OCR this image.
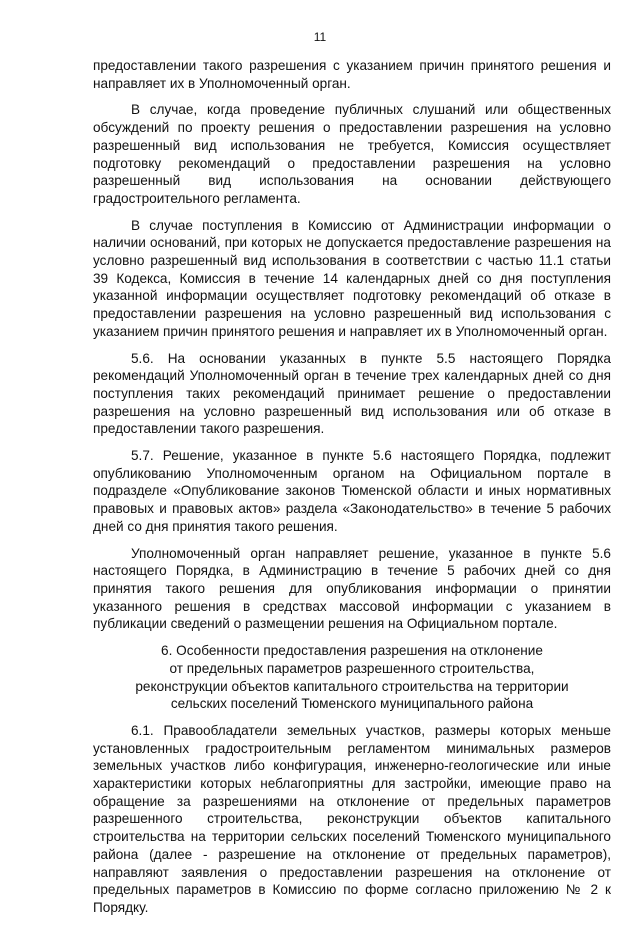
11

предоставлении такого разрешения с указанием причин принятого решения и направляет их в Уполномоченный орган.

В случае, когда проведение публичных слушаний или общественных обсуждений по проекту решения о предоставлении разрешения на условно разрешенный вид использования не требуется, Комиссия осуществляет подготовку рекомендаций о предоставлении разрешения на условно разрешенный вид использования на основании действующего градостроительного регламента.

В случае поступления в Комиссию от Администрации информации о наличии оснований, при которых не допускается предоставление разрешения на условно разрешенный вид использования в соответствии с частью 11.1 статьи 39 Кодекса, Комиссия в течение 14 календарных дней со дня поступления указанной информации осуществляет подготовку рекомендаций об отказе в предоставлении разрешения на условно разрешенный вид использования с указанием причин принятого решения и направляет их в Уполномоченный орган.

5.6. На основании указанных в пункте 5.5 настоящего Порядка рекомендаций Уполномоченный орган в течение трех календарных дней со дня поступления таких рекомендаций принимает решение о предоставлении разрешения на условно разрешенный вид использования или об отказе в предоставлении такого разрешения.

5.7. Решение, указанное в пункте 5.6 настоящего Порядка, подлежит опубликованию Уполномоченным органом на Официальном портале в подразделе «Опубликование законов Тюменской области и иных нормативных правовых и правовых актов» раздела «Законодательство» в течение 5 рабочих дней со дня принятия такого решения.

Уполномоченный орган направляет решение, указанное в пункте 5.6 настоящего Порядка, в Администрацию в течение 5 рабочих дней со дня принятия такого решения для опубликования информации о принятии указанного решения в средствах массовой информации с указанием в публикации сведений о размещении решения на Официальном портале.

6. Особенности предоставления разрешения на отклонение
от предельных параметров разрешенного строительства,
реконструкции объектов капитального строительства на территории
сельских поселений Тюменского муниципального района

6.1. Правообладатели земельных участков, размеры которых меньше установленных градостроительным регламентом минимальных размеров земельных участков либо конфигурация, инженерно-геологические или иные характеристики которых неблагоприятны для застройки, имеющие право на обращение за разрешениями на отклонение от предельных параметров разрешенного строительства, реконструкции объектов капитального строительства на территории сельских поселений Тюменского муниципального района (далее - разрешение на отклонение от предельных параметров), направляют заявления о предоставлении разрешения на отклонение от предельных параметров в Комиссию по форме согласно приложению № 2 к Порядку.
